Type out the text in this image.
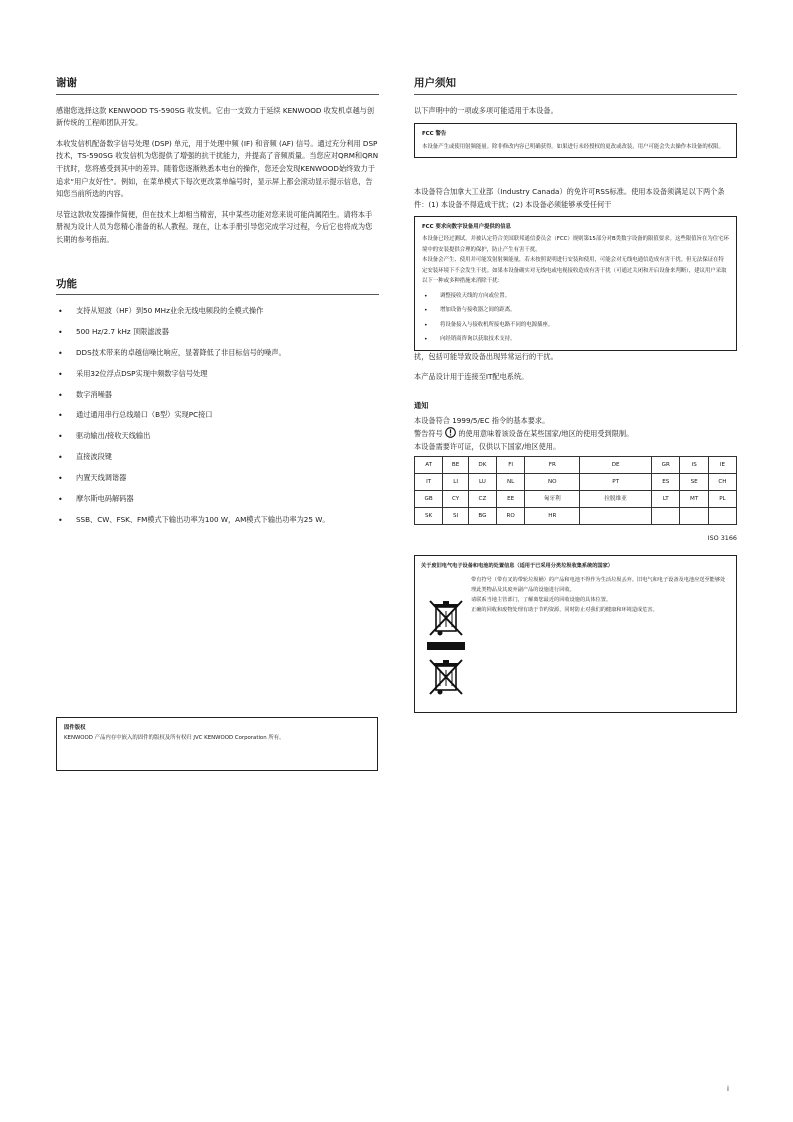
谢谢

感谢您选择这款 KENWOOD TS-590SG 收发机。它由一支致力于延续 KENWOOD 收发机卓越与创新传统的工程师团队开发。

本收发信机配备数字信号处理 (DSP) 单元，用于处理中频 (IF) 和音频 (AF) 信号。通过充分利用 DSP 技术，TS-590SG 收发信机为您提供了增强的抗干扰能力，并提高了音频质量。当您应对QRM和QRN干扰时，您将感受到其中的差异。随着您逐渐熟悉本电台的操作，您还会发现KENWOOD始终致力于追求“用户友好性”。例如，在菜单模式下每次更改菜单编号时，显示屏上都会滚动显示提示信息，告知您当前所选的内容。

尽管这款收发器操作简便，但在技术上却相当精密，其中某些功能对您来说可能尚属陌生。请将本手册视为设计人员为您精心准备的私人教程。现在，让本手册引导您完成学习过程，今后它也将成为您长期的参考指南。

功能
• 支持从短波（HF）到50 MHz业余无线电频段的全模式操作
• 500 Hz/2.7 kHz 顶限滤波器
• DDS技术带来的卓越信噪比响应，显著降低了非目标信号的噪声。
• 采用32位浮点DSP实现中频数字信号处理
• 数字消噪器
• 通过通用串行总线端口（B型）实现PC接口
• 驱动输出/接收天线输出
• 直接波段键
• 内置天线调谐器
• 摩尔斯电码解码器
• SSB、CW、FSK、FM模式下输出功率为100 W，AM模式下输出功率为25 W。
固件版权
KENWOOD 产品内存中嵌入的固件的版权及所有权归 JVC KENWOOD Corporation 所有。
用户须知

以下声明中的一项或多项可能适用于本设备。

FCC 警告
本设备产生或使用射频能量。除非修改内容已明确获得。如果进行未经授权的更改或改装，用户可能会失去操作本设备的权限。

本设备符合加拿大工业部（Industry Canada）的免许可RSS标准。使用本设备须满足以下两个条件：(1) 本设备不得造成干扰；(2) 本设备必须能够承受任何干

FCC 要求向数字设备用户提供的信息
本设备已经过测试，并被认定符合美国联邦通信委员会（FCC）规则第15部分对B类数字设备的限值要求。这些限值旨在为住宅环境中的安装提供合理的保护，防止产生有害干扰。
本设备会产生、使用并可能发射射频能量，若未按照说明进行安装和使用，可能会对无线电通信造成有害干扰。但无法保证在特定安装环境下不会发生干扰。如果本设备确实对无线电或电视接收造成有害干扰（可通过关闭和开启设备来判断），建议用户采取以下一种或多种措施来消除干扰：
• 调整接收天线的方向或位置。
• 增加设备与接收器之间的距离。
• 将设备接入与接收机所接电路不同的电源插座。
• 向经销商咨询以获取技术支持。

扰，包括可能导致设备出现异常运行的干扰。

本产品设计用于连接至IT配电系统。

通知
本设备符合 1999/5/EC 指令的基本要求。
警告符号 的使用意味着该设备在某些国家/地区的使用受到限制。
本设备需要许可证，仅供以下国家/地区使用。
AT	BE	DK	FI	FR	DE	GR	IS	IE
IT	LI	LU	NL	NO	PT	ES	SE	CH
GB	CY	CZ	EE	匈牙利	拉脱维亚	LT	MT	PL
SK	SI	BG	RO	HR				
ISO 3166
关于废旧电气电子设备和电池的处置信息（适用于已采用分类垃圾收集系统的国家）
带有符号（带有叉的带轮垃圾桶）的产品和电池不得作为生活垃圾丢弃。旧电气和电子设备及电池应送至能够处理此类物品及其废弃副产品的设施进行回收。
请联系当地主管部门，了解离您最近的回收设施的具体位置。
正确的回收和废物处理有助于节约资源，同时防止对我们的健康和环境造成危害。
i
